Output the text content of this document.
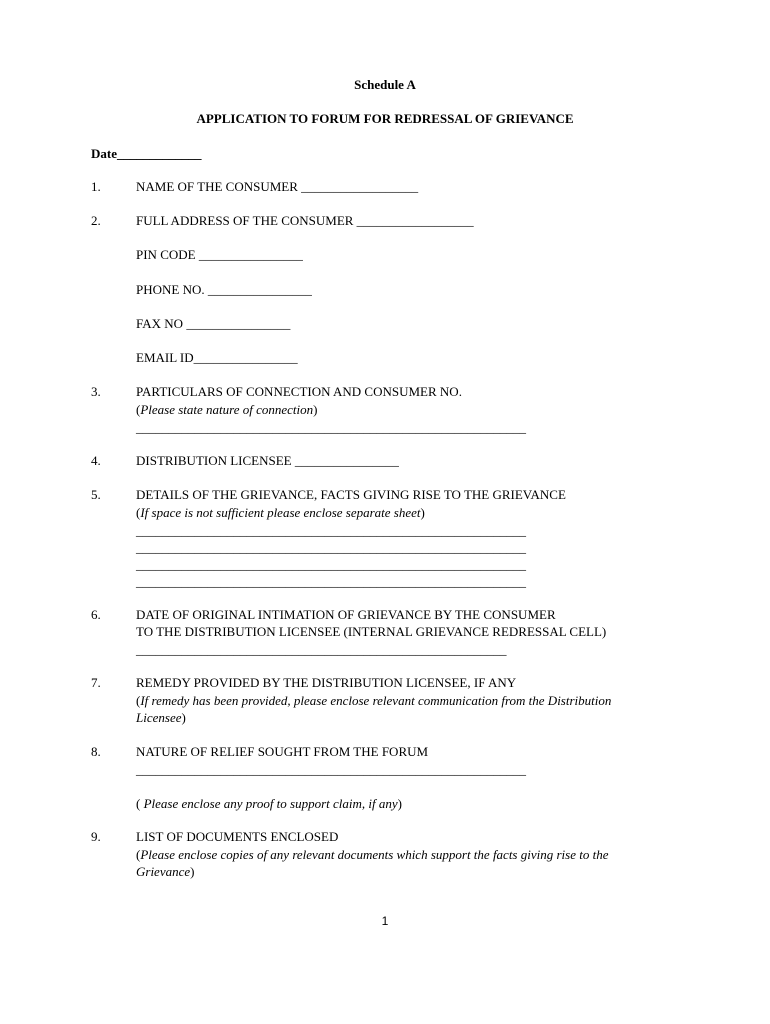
Schedule A
APPLICATION TO FORUM FOR REDRESSAL OF GRIEVANCE
Date_____________
1.	NAME OF THE CONSUMER __________________
2.	FULL ADDRESS OF THE CONSUMER __________________
PIN CODE ________________
PHONE NO. ________________
FAX NO ________________
EMAIL ID________________
3.	PARTICULARS OF CONNECTION AND CONSUMER NO.
(Please state nature of connection)
____________________________________________________________
4.	DISTRIBUTION LICENSEE ________________
5.	DETAILS OF THE GRIEVANCE, FACTS GIVING RISE TO THE GRIEVANCE
(If space is not sufficient please enclose separate sheet)
____________________________________________________________
____________________________________________________________
____________________________________________________________
____________________________________________________________
6.	DATE OF ORIGINAL INTIMATION OF GRIEVANCE BY THE CONSUMER
TO THE DISTRIBUTION LICENSEE (INTERNAL GRIEVANCE REDRESSAL CELL)
_________________________________________________________
7.	REMEDY PROVIDED BY THE DISTRIBUTION LICENSEE, IF ANY
(If remedy has been provided, please enclose relevant communication from the Distribution
Licensee)
8.	NATURE OF RELIEF SOUGHT FROM THE FORUM
____________________________________________________________
( Please enclose any proof to support claim, if any)
9.	LIST OF DOCUMENTS ENCLOSED
(Please enclose copies of any relevant documents which support the facts giving rise to the
Grievance)
1
